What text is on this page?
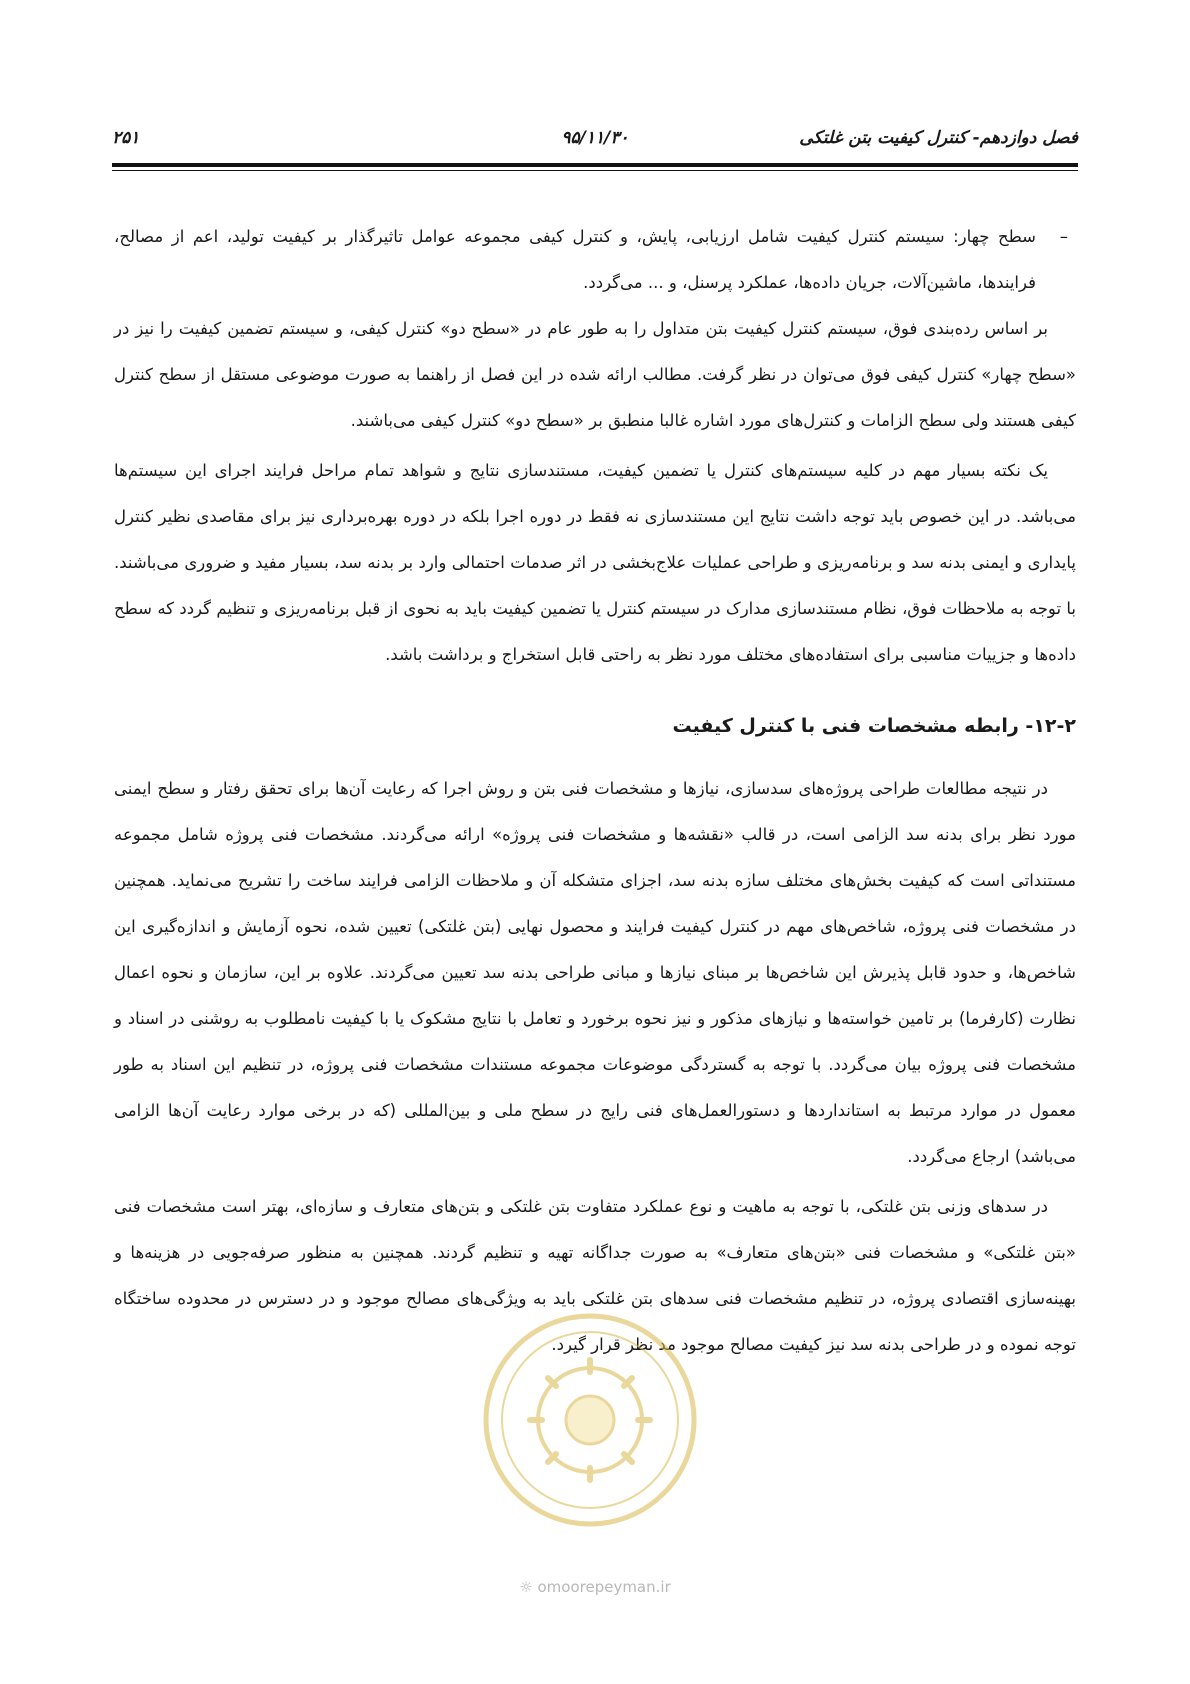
فصل دوازدهم- کنترل کیفیت بتن غلتکی
۹۵/۱۱/۳۰
۲۵۱

–
سطح چهار: سیستم کنترل کیفیت شامل ارزیابی، پایش، و کنترل کیفی مجموعه عوامل تاثیرگذار بر کیفیت تولید، اعم از مصالح، فرایندها، ماشین‌آلات، جریان داده‌ها، عملکرد پرسنل، و ... می‌گردد.

بر اساس رده‌بندی فوق، سیستم کنترل کیفیت بتن متداول را به طور عام در «سطح دو» کنترل کیفی، و سیستم تضمین کیفیت را نیز در «سطح چهار» کنترل کیفی فوق می‌توان در نظر گرفت. مطالب ارائه شده در این فصل از راهنما به صورت موضوعی مستقل از سطح کنترل کیفی هستند ولی سطح الزامات و کنترل‌های مورد اشاره غالبا منطبق بر «سطح دو» کنترل کیفی می‌باشند.

یک نکته بسیار مهم در کلیه سیستم‌های کنترل یا تضمین کیفیت، مستندسازی نتایج و شواهد تمام مراحل فرایند اجرای این سیستم‌ها می‌باشد. در این خصوص باید توجه داشت نتایج این مستندسازی نه فقط در دوره اجرا بلکه در دوره بهره‌برداری نیز برای مقاصدی نظیر کنترل پایداری و ایمنی بدنه سد و برنامه‌ریزی و طراحی عملیات علاج‌بخشی در اثر صدمات احتمالی وارد بر بدنه سد، بسیار مفید و ضروری می‌باشند. با توجه به ملاحظات فوق، نظام مستندسازی مدارک در سیستم کنترل یا تضمین کیفیت باید به نحوی از قبل برنامه‌ریزی و تنظیم گردد که سطح داده‌ها و جزییات مناسبی برای استفاده‌های مختلف مورد نظر به راحتی قابل استخراج و برداشت باشد.

۱۲-۲- رابطه مشخصات فنی با کنترل کیفیت

در نتیجه مطالعات طراحی پروژه‌های سدسازی، نیازها و مشخصات فنی بتن و روش اجرا که رعایت آن‌ها برای تحقق رفتار و سطح ایمنی مورد نظر برای بدنه سد الزامی است، در قالب «نقشه‌ها و مشخصات فنی پروژه» ارائه می‌گردند. مشخصات فنی پروژه شامل مجموعه مستنداتی است که کیفیت بخش‌های مختلف سازه بدنه سد، اجزای متشکله آن و ملاحظات الزامی فرایند ساخت را تشریح می‌نماید. همچنین در مشخصات فنی پروژه، شاخص‌های مهم در کنترل کیفیت فرایند و محصول نهایی (بتن غلتکی) تعیین شده، نحوه آزمایش و اندازه‌گیری این شاخص‌ها، و حدود قابل پذیرش این شاخص‌ها بر مبنای نیازها و مبانی طراحی بدنه سد تعیین می‌گردند. علاوه بر این، سازمان و نحوه اعمال نظارت (کارفرما) بر تامین خواسته‌ها و نیازهای مذکور و نیز نحوه برخورد و تعامل با نتایج مشکوک یا با کیفیت نامطلوب به روشنی در اسناد و مشخصات فنی پروژه بیان می‌گردد. با توجه به گستردگی موضوعات مجموعه مستندات مشخصات فنی پروژه، در تنظیم این اسناد به طور معمول در موارد مرتبط به استانداردها و دستورالعمل‌های فنی رایج در سطح ملی و بین‌المللی (که در برخی موارد رعایت آن‌ها الزامی می‌باشد) ارجاع می‌گردد.

در سدهای وزنی بتن غلتکی، با توجه به ماهیت و نوع عملکرد متفاوت بتن غلتکی و بتن‌های متعارف و سازه‌ای، بهتر است مشخصات فنی «بتن غلتکی» و مشخصات فنی «بتن‌های متعارف» به صورت جداگانه تهیه و تنظیم گردند. همچنین به منظور صرفه‌جویی در هزینه‌ها و بهینه‌سازی اقتصادی پروژه، در تنظیم مشخصات فنی سدهای بتن غلتکی باید به ویژگی‌های مصالح موجود و در دسترس در محدوده ساختگاه توجه نموده و در طراحی بدنه سد نیز کیفیت مصالح موجود مد نظر قرار گیرد.

☼ omoorepeyman.ir
